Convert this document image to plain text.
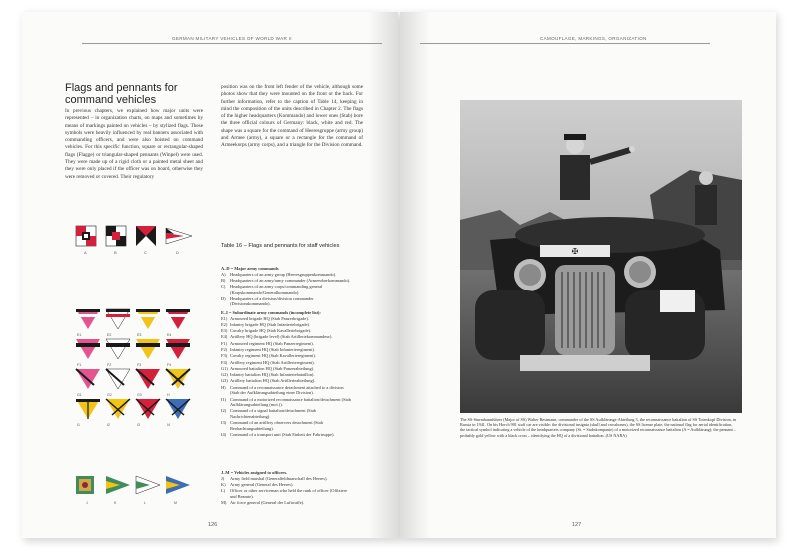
GERMAN MILITARY VEHICLES OF WORLD WAR II
Flags and pennants for command vehicles
In previous chapters, we explained how major units were represented – in organization charts, on maps and sometimes by means of markings painted on vehicles – by stylized flags. These symbols were heavily influenced by real banners associated with commanding officers, and were also hoisted on command vehicles. For this specific function, square or rectangular-shaped flags (Flagge) or triangular-shaped pennants (Winpel) were used. They were made up of a rigid cloth or a painted metal sheet and they were only placed if the officer was on board, otherwise they were removed or covered. Their regulatory
position was on the front left fender of the vehicle, although some photos show that they were mounted on the front or the back. For further information, refer to the caption of Table 14, keeping in mind the composition of the units described in Chapter 2. The flags of the higher headquarters (Kommando) and lower ones (Stab) bore the three official colours of Germany: black, white and red. The shape was a square for the command of Heeresgruppe (army group) and Armee (army), a square or a rectangle for the command of Armeekorps (army corps), and a triangle for the Division command.
A	B	C	D
E1	E2	E3	E4
F1	F2	F3	F4
G1	G2	G3	H
I1	I2	I3	I4
J	K	L	M
Table 16 – Flags and pennants for staff vehicles
A–D = Major army commands
A) Headquarters of an army group (Heeresgruppenkommando).
B)	Headquarters of an army/army commander (Armeeoberkommando).
C)	Headquarters of an army corps/commanding general (Korpskommando/Generalkommando).
D) Headquarters of a division/division commander (Divisionskommando).
E–I = Subordinate army commands (incomplete list):
E1) Armoured brigade HQ (Stab Panzerbrigade).
E2) Infantry brigade HQ (Stab Infanteriebrigade).
E3) Cavalry brigade HQ (Stab Kavalleriebrigade).
E4) Artillery HQ (brigade level) (Stab Artilleriekommandeur).
F1) Armoured regiment HQ (Stab Panzerregiment).
F2) Infantry regiment HQ (Stab Infanterieregiment).
F3) Cavalry regiment HQ (Stab Kavallerieregiment).
F4) Artillery regiment HQ (Stab Artillerieregiment).
G1) Armoured battalion HQ (Stab Panzerabteilung).
G2) Infantry battalion HQ (Stab Infanteriebataillon).
G3) Artillery battalion HQ (Stab Artillerieabteilung).
H) Command of a reconnaissance detachment attached to a division (Stab der Aufklärungsabteilung einer Division).
I1) Command of a motorized reconnaissance battalion/detachment (Stab Aufklärungsabteilung (mot.)).
I2) Command of a signal battalion/detachment (Stab Nachrichtenabteilung).
I3) Command of an artillery observers detachment (Stab Beobachtungsabteilung).
I4) Command of a transport unit (Stab Einheit der Fahrtruppe).
J–M = Vehicles assigned to officers.
J)	Army field marshal (Generalfeldmarschall des Heeres).
K) Army general (General des Heeres).
L)	Officer or other serviceman who held the rank of officer (Offiziere und Beamte).
M) Air force general (General der Luftwaffe).
126
CAMOUFLAGE, MARKINGS, ORGANIZATION
✠
The SS-Sturmbannführer (Major of SS) Walter Bestmann, commander of the SS Aufklärungs-Abteilung 3, the reconnaissance battalion of SS Totenkopf Division, in Russia in 1941. On his Horch 901 staff car are visible: the divisional insignia (skull and crossbones), the SS license plate, the national flag for aerial identification, the tactical symbol indicating a vehicle of the headquarters company (St. = Stabskompanie) of a motorized reconnaissance battalion (A = Aufklärung); the pennant – probably gold yellow with a black cross – identifying the HQ of a divisional battalion. (US NARA)
127
